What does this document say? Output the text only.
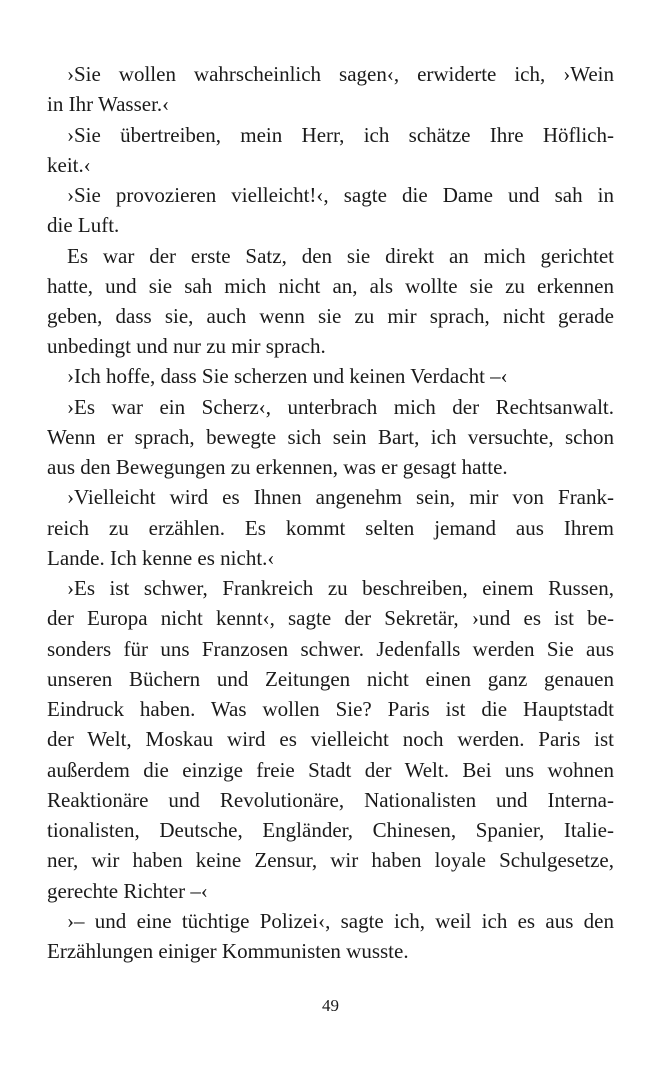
›Sie wollen wahrscheinlich sagen‹, erwiderte ich, ›Wein
in Ihr Wasser.‹
›Sie übertreiben, mein Herr, ich schätze Ihre Höflich-
keit.‹
›Sie provozieren vielleicht!‹, sagte die Dame und sah in
die Luft.
Es war der erste Satz, den sie direkt an mich gerichtet
hatte, und sie sah mich nicht an, als wollte sie zu erkennen
geben, dass sie, auch wenn sie zu mir sprach, nicht gerade
unbedingt und nur zu mir sprach.
›Ich hoffe, dass Sie scherzen und keinen Verdacht –‹
›Es war ein Scherz‹, unterbrach mich der Rechtsanwalt.
Wenn er sprach, bewegte sich sein Bart, ich versuchte, schon
aus den Bewegungen zu erkennen, was er gesagt hatte.
›Vielleicht wird es Ihnen angenehm sein, mir von Frank-
reich zu erzählen. Es kommt selten jemand aus Ihrem
Lande. Ich kenne es nicht.‹
›Es ist schwer, Frankreich zu beschreiben, einem Russen,
der Europa nicht kennt‹, sagte der Sekretär, ›und es ist be-
sonders für uns Franzosen schwer. Jedenfalls werden Sie aus
unseren Büchern und Zeitungen nicht einen ganz genauen
Eindruck haben. Was wollen Sie? Paris ist die Hauptstadt
der Welt, Moskau wird es vielleicht noch werden. Paris ist
außerdem die einzige freie Stadt der Welt. Bei uns wohnen
Reaktionäre und Revolutionäre, Nationalisten und Interna-
tionalisten, Deutsche, Engländer, Chinesen, Spanier, Italie-
ner, wir haben keine Zensur, wir haben loyale Schulgesetze,
gerechte Richter –‹
›– und eine tüchtige Polizei‹, sagte ich, weil ich es aus den
Erzählungen einiger Kommunisten wusste.
49
